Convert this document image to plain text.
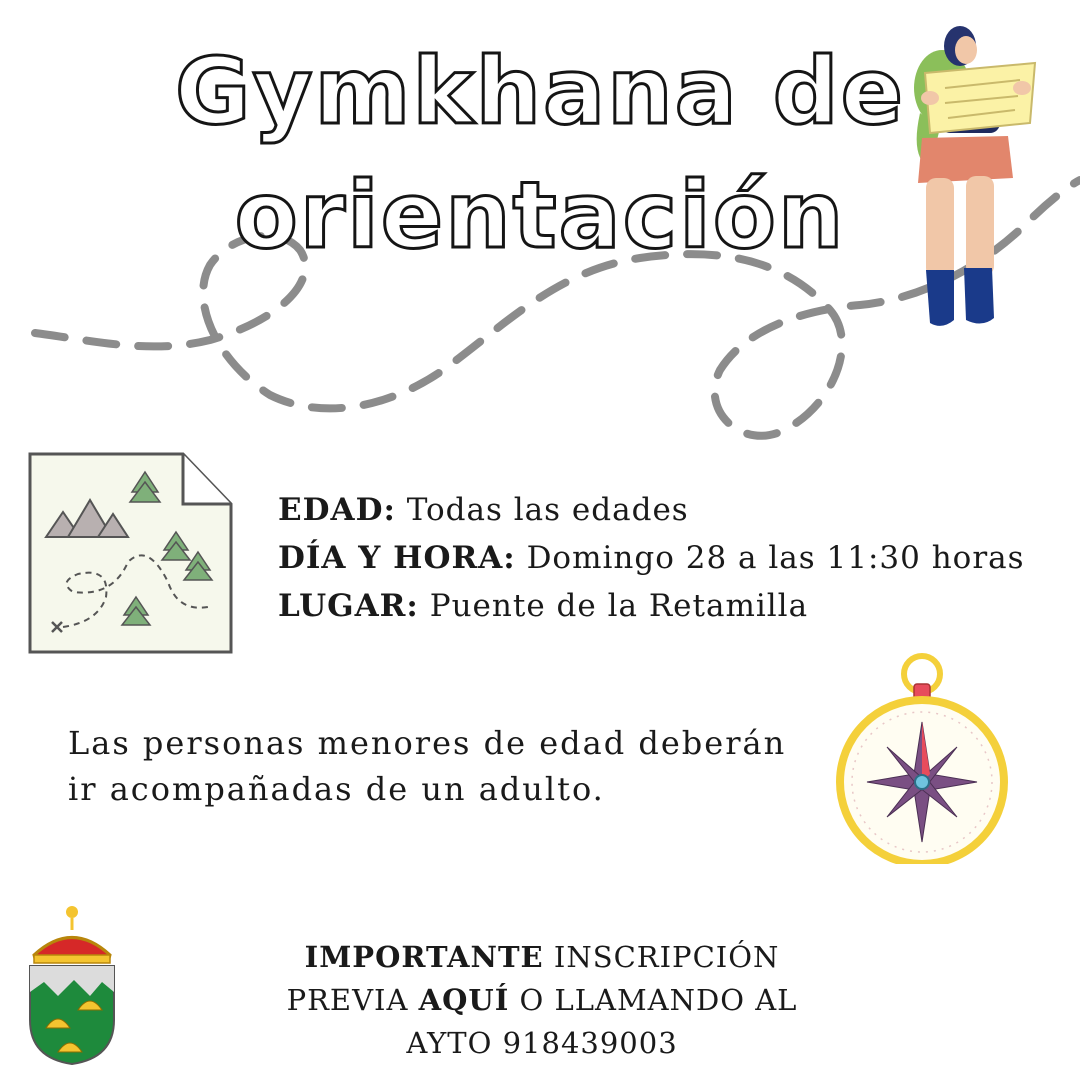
Gymkhana de
orientación
EDAD: Todas las edades
DÍA Y HORA: Domingo 28 a las 11:30 horas
LUGAR: Puente de la Retamilla
Las personas menores de edad deberán
ir acompañadas de un adulto.
IMPORTANTE INSCRIPCIÓN
PREVIA AQUÍ O LLAMANDO AL
AYTO 918439003
